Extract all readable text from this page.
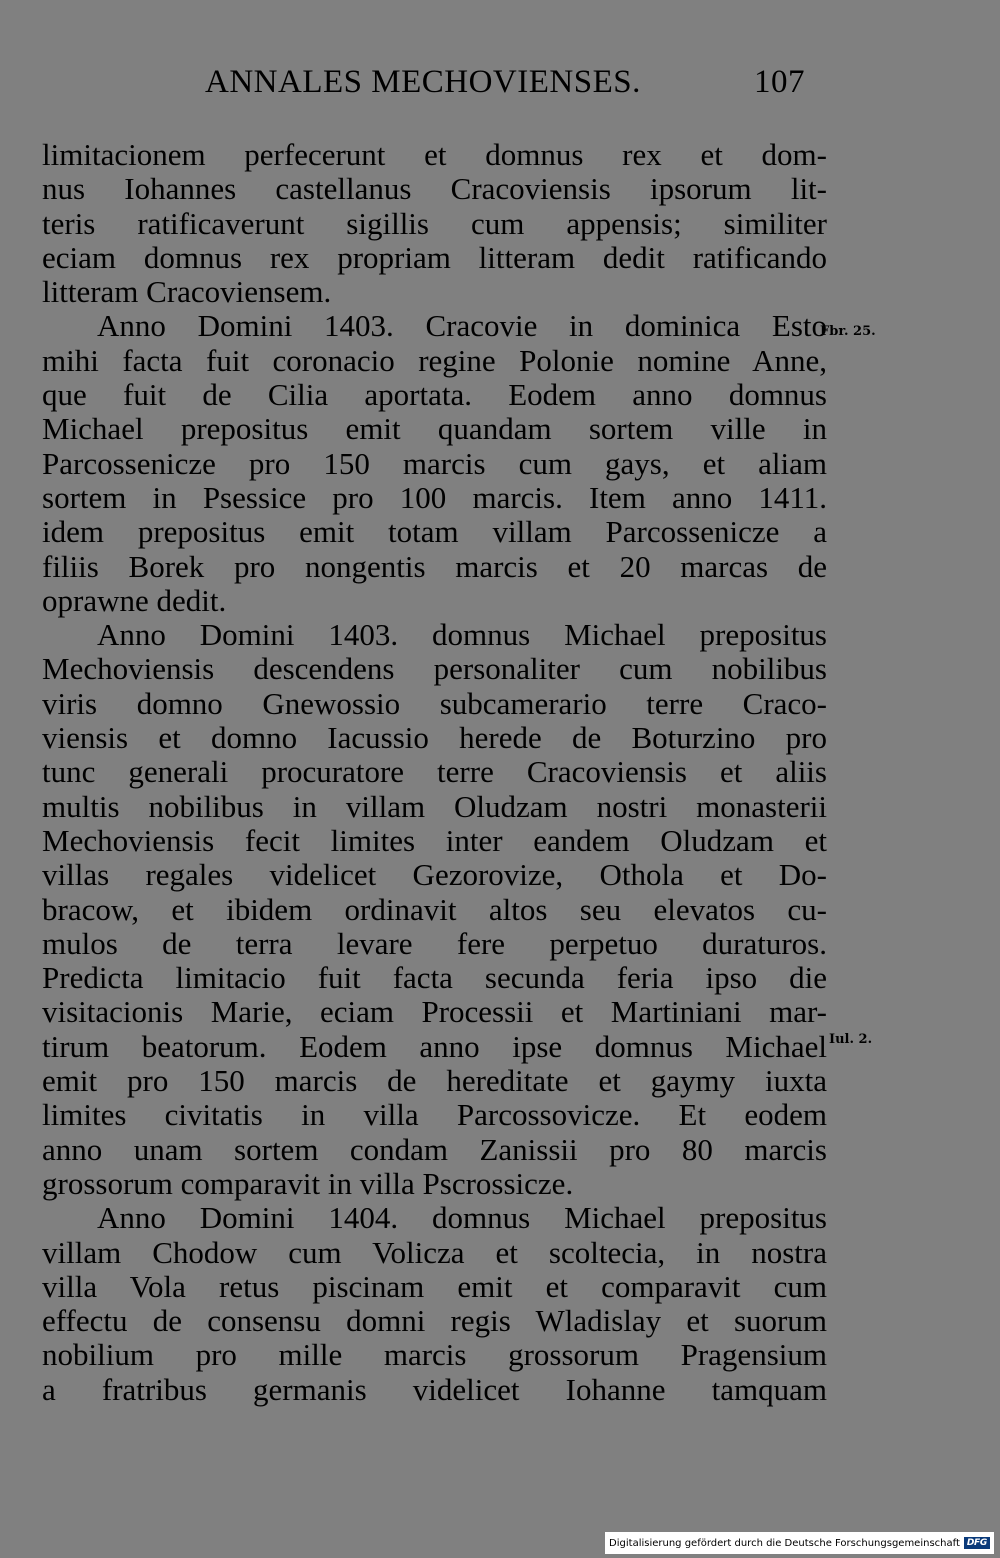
ANNALES MECHOVIENSES.	107
limitacionem perfecerunt et domnus rex et dom-
nus Iohannes castellanus Cracoviensis ipsorum lit-
teris ratificaverunt sigillis cum appensis; similiter
eciam domnus rex propriam litteram dedit ratificando
litteram Cracoviensem.
Anno Domini 1403. Cracovie in dominica Esto
mihi facta fuit coronacio regine Polonie nomine Anne,
que fuit de Cilia aportata. Eodem anno domnus
Michael prepositus emit quandam sortem ville in
Parcossenicze pro 150 marcis cum gays, et aliam
sortem in Psessice pro 100 marcis. Item anno 1411.
idem prepositus emit totam villam Parcossenicze a
filiis Borek pro nongentis marcis et 20 marcas de
oprawne dedit.
Anno Domini 1403. domnus Michael prepositus
Mechoviensis descendens personaliter cum nobilibus
viris domno Gnewossio subcamerario terre Craco-
viensis et domno Iacussio herede de Boturzino pro
tunc generali procuratore terre Cracoviensis et aliis
multis nobilibus in villam Oludzam nostri monasterii
Mechoviensis fecit limites inter eandem Oludzam et
villas regales videlicet Gezorovize, Othola et Do-
bracow, et ibidem ordinavit altos seu elevatos cu-
mulos de terra levare fere perpetuo duraturos.
Predicta limitacio fuit facta secunda feria ipso die
visitacionis Marie, eciam Processii et Martiniani mar-
tirum beatorum. Eodem anno ipse domnus Michael
emit pro 150 marcis de hereditate et gaymy iuxta
limites civitatis in villa Parcossovicze. Et eodem
anno unam sortem condam Zanissii pro 80 marcis
grossorum comparavit in villa Pscrossicze.
Anno Domini 1404. domnus Michael prepositus
villam Chodow cum Volicza et scoltecia, in nostra
villa Vola retus piscinam emit et comparavit cum
effectu de consensu domni regis Wladislay et suorum
nobilium pro mille marcis grossorum Pragensium
a fratribus germanis videlicet Iohanne tamquam
Fbr. 25.
Iul. 2.
Digitalisierung gefördert durch die Deutsche Forschungsgemeinschaft DFG
